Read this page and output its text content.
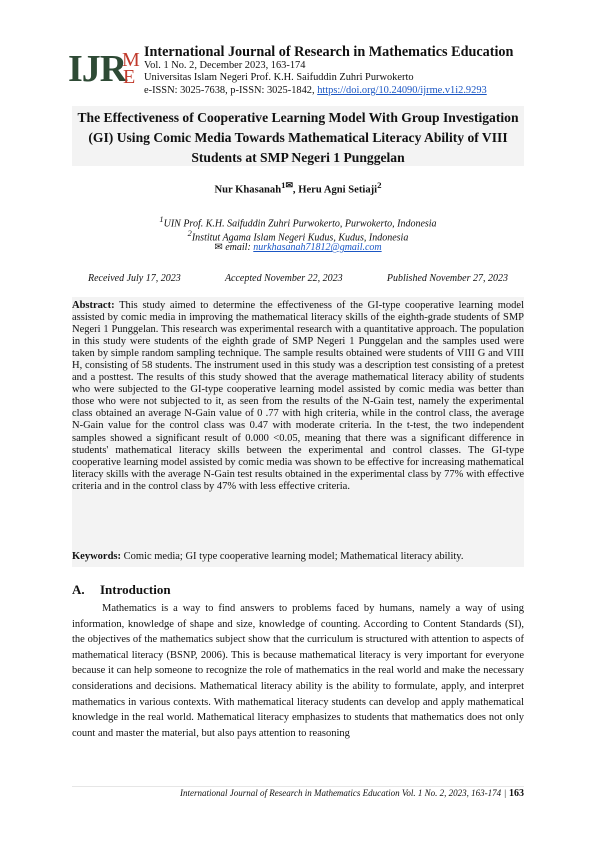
IJR
M
E
International Journal of Research in Mathematics Education
Vol. 1 No. 2, December 2023, 163-174
Universitas Islam Negeri Prof. K.H. Saifuddin Zuhri Purwokerto
e-ISSN: 3025-7638, p-ISSN: 3025-1842, https://doi.org/10.24090/ijrme.v1i2.9293
The Effectiveness of Cooperative Learning Model With Group Investigation (GI) Using Comic Media Towards Mathematical Literacy Ability of VIII Students at SMP Negeri 1 Punggelan
Nur Khasanah$^{1✉}$, Heru Agni Setiaji$^2$
$^1$UIN Prof. K.H. Saifuddin Zuhri Purwokerto, Purwokerto, Indonesia
$^2$Institut Agama Islam Negeri Kudus, Kudus, Indonesia
✉ email: nurkhasanah71812@gmail.com
Received July 17, 2023	Accepted November 22, 2023	Published November 27, 2023
Abstract: This study aimed to determine the effectiveness of the GI-type cooperative learning model assisted by comic media in improving the mathematical literacy skills of the eighth-grade students of SMP Negeri 1 Punggelan. This research was experimental research with a quantitative approach. The population in this study were students of the eighth grade of SMP Negeri 1 Punggelan and the samples used were taken by simple random sampling technique. The sample results obtained were students of VIII G and VIII H, consisting of 58 students. The instrument used in this study was a description test consisting of a pretest and a posttest. The results of this study showed that the average mathematical literacy ability of students who were subjected to the GI-type cooperative learning model assisted by comic media was better than those who were not subjected to it, as seen from the results of the N-Gain test, namely the experimental class obtained an average N-Gain value of 0 .77 with high criteria, while in the control class, the average N-Gain value for the control class was 0.47 with moderate criteria. In the t-test, the two independent samples showed a significant result of 0.000 <0.05, meaning that there was a significant difference in students' mathematical literacy skills between the experimental and control classes. The GI-type cooperative learning model assisted by comic media was shown to be effective for increasing mathematical literacy skills with the average N-Gain test results obtained in the experimental class by 77% with effective criteria and in the control class by 47% with less effective criteria.
Keywords: Comic media; GI type cooperative learning model; Mathematical literacy ability.
A. Introduction

Mathematics is a way to find answers to problems faced by humans, namely a way of using information, knowledge of shape and size, knowledge of counting. According to Content Standards (SI), the objectives of the mathematics subject show that the curriculum is structured with attention to aspects of mathematical literacy (BSNP, 2006). This is because mathematical literacy is very important for everyone because it can help someone to recognize the role of mathematics in the real world and make the necessary considerations and decisions. Mathematical literacy ability is the ability to formulate, apply, and interpret mathematics in various contexts. With mathematical literacy students can develop and apply mathematical knowledge in the real world. Mathematical literacy emphasizes to students that mathematics does not only count and master the material, but also pays attention to reasoning

International Journal of Research in Mathematics Education Vol. 1 No. 2, 2023, 163-174 | 163
